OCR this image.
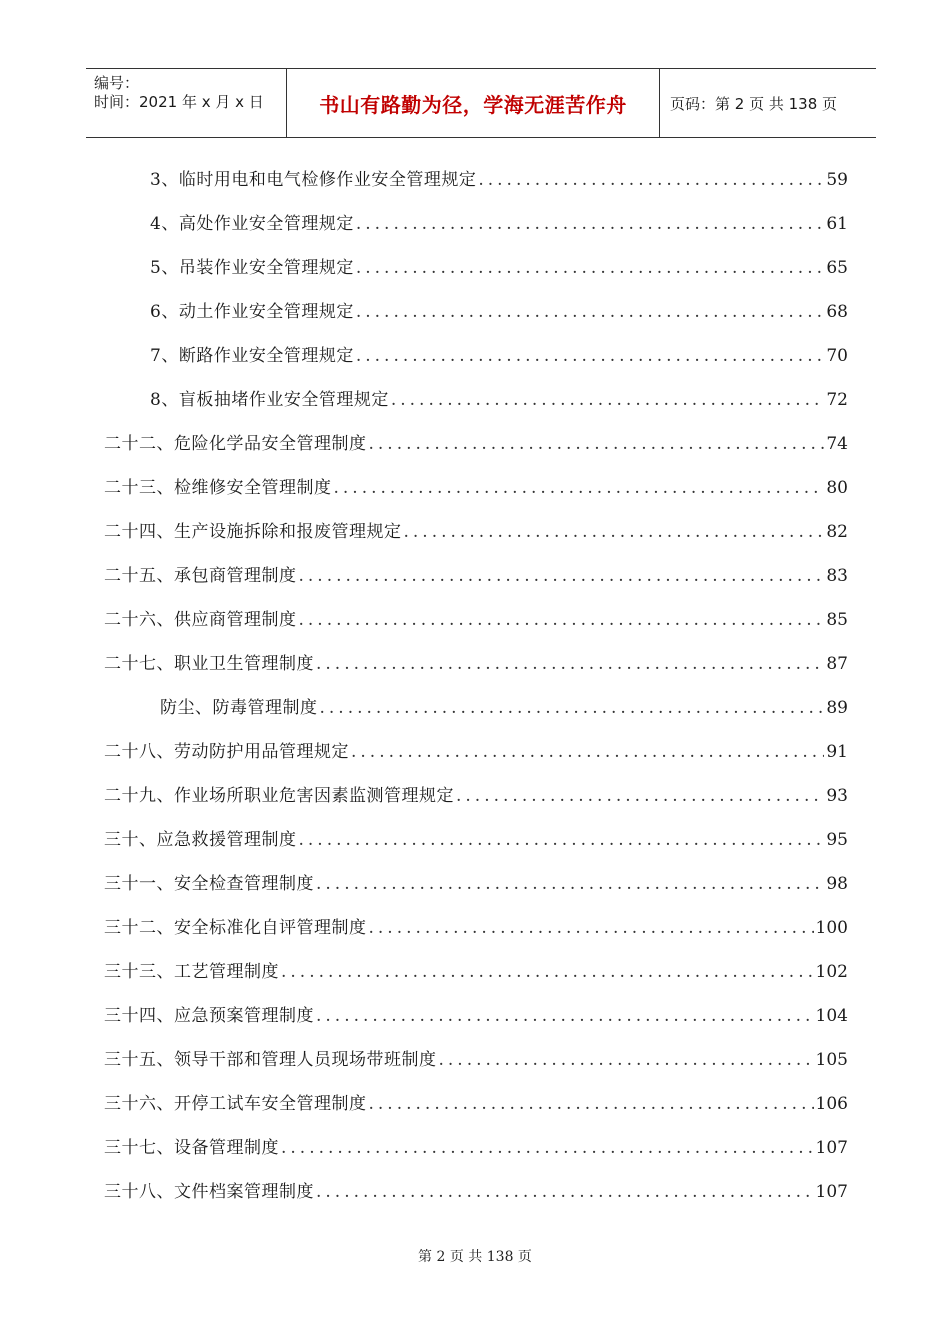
编号：
时间：2021 年 x 月 x 日	书山有路勤为径，学海无涯苦作舟	页码：第 2 页 共 138 页
3、临时用电和电气检修作业安全管理规定 .....	59
4、高处作业安全管理规定 .....	61
5、吊装作业安全管理规定 .....	65
6、动土作业安全管理规定 .....	68
7、断路作业安全管理规定 .....	70
8、盲板抽堵作业安全管理规定 .....	72
二十二、危险化学品安全管理制度 .....	74
二十三、检维修安全管理制度 .....	80
二十四、生产设施拆除和报废管理规定 .....	82
二十五、承包商管理制度 .....	83
二十六、供应商管理制度 .....	85
二十七、职业卫生管理制度 .....	87
防尘、防毒管理制度 .....	89
二十八、劳动防护用品管理规定 .....	91
二十九、作业场所职业危害因素监测管理规定 .....	93
三十、应急救援管理制度 .....	95
三十一、安全检查管理制度 .....	98
三十二、安全标准化自评管理制度 .....	100
三十三、工艺管理制度 .....	102
三十四、应急预案管理制度 .....	104
三十五、领导干部和管理人员现场带班制度 .....	105
三十六、开停工试车安全管理制度 .....	106
三十七、设备管理制度 .....	107
三十八、文件档案管理制度 .....	107
第 2 页 共 138 页
